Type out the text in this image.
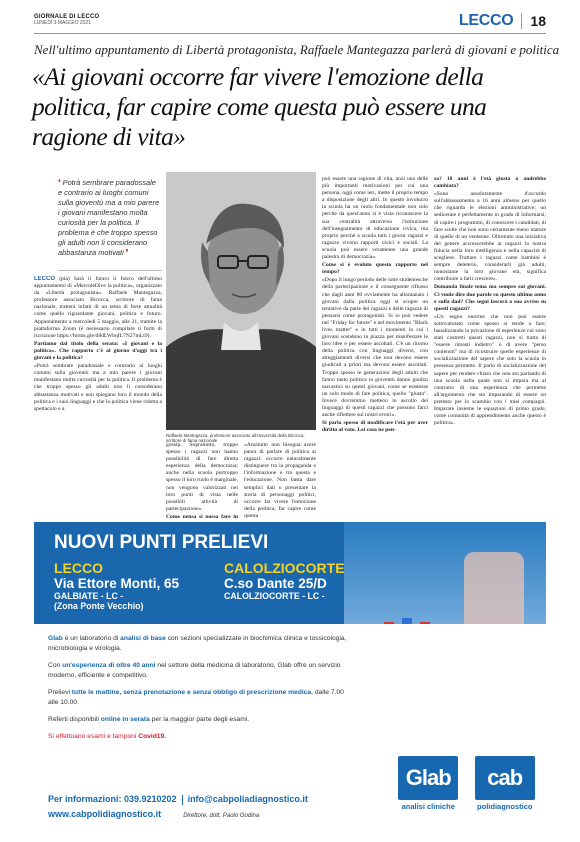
GIORNALE DI LECCO
LUNEDÌ 3 MAGGIO 2021	LECCO 18
Nell'ultimo appuntamento di Libertà protagonista, Raffaele Mantegazza parlerà di giovani e politica
«Ai giovani occorre far vivere l'emozione della politica, far capire come questa può essere una ragione di vita»
❛ Potrà sembrare paradossale e contrario ai luoghi comuni sulla gioventù ma a mio parere i giovani manifestano molta curiosità per la politica. Il problema è che troppo spesso gli adulti non li considerano abbastanza motivati ❜

LECCO (pia) Sarà il futuro il fulcro dell'ultimo appuntamento di «MercoleDive la politica», organizzato da «Libertà protagonista». Raffaele Mantegazza, professore associato Bicocca, scrittore di fama nazionale, tratterà infatti di un tema di forte attualità come quello riguardante giovani, politica e futuro. Appuntamento a mercoledì 5 maggio, alle 21, tramite la piattaforma Zoom (è necessario compilare il form di iscrizione https://forms.gle/d8dLWbqfL7N27mLt9).

Partiamo dal titolo della serata: «I giovani e la politica». Che rapporto c'è al giorno d'oggi tra i giovani e la politica?

«Potrà sembrare paradossale e contrario ai luoghi comuni sulla gioventù ma a mio parere i giovani manifestano molta curiosità per la politica. Il problema è che troppo spesso gli adulti non li considerano abbastanza motivati e non spiegano loro il mondo della politica e i suoi linguaggi e che la politica viene ridotta a spettacolo e a

Raffaele Mantegazza, professore associato all'Università della Bicocca, scrittore di fama nazionale

gossip. Soprattutto, troppo spesso i ragazzi non hanno possibilità di fare diretta esperienza della democrazia; anche nella scuola purtroppo spesso il loro ruolo è marginale, non vengono valorizzati nei loro punti di vista nelle possibili attività di partecipazione».

Come pensa si possa fare in

«Anzitutto non bisogna avere paura di parlare di politica ai ragazzi: occorre naturalmente distinguere tra la propaganda e l'informazione e tra questa e l'educazione. Non basta dare semplici dati o presentare la storia di personaggi politici, occorre far vivere l'emozione della politica, far capire come questa

può essere una ragione di vita, anzi una delle più importanti motivazioni per cui una persona, oggi come ieri, mette il proprio tempo a disposizione degli altri. In questo involucro la scuola ha un ruolo fondamentale non solo perché da quest'anno si è vista riconoscere la sua centralità attraverso l'istituzione dell'insegnamento di educazione civica, ma proprio perché a scuola tutti i giorni ragazzi e ragazze vivono rapporti civici e sociali. La scuola può essere veramente una grande palestra di democrazia».

Come si è evoluto questo rapporto nel tempo?

«Dopo il lungo periodo delle lotte studentesche della partecipazione e il conseguente riflusso che dagli anni 80 ovviamente ha allontanato i giovani dalla politica oggi si scopre un tentativo da parte dei ragazzi e delle ragazze di pensarsi come protagonisti. Si io può vedere nel "Friday for future" e nel movimento "Black lives matter" e in tutti i momenti in cui i giovani scendono in piazza per manifestare le loro idee e per essere ascoltati. C'è un ritorno della politica con linguaggi diversi, con atteggiamenti diversi che non devono essere giudicati a priori ma devono essere ascoltati. Troppo spesso le generazioni degli adulti che fanno tanto politica in gioventù danno giudizi sarcastici su questi giovani, come se esistesse un solo modo di fare politica, quello "giusto". Invece dovremmo mettersi in ascolto dei linguaggi di questi ragazzi che possono farci anche riflettere sui nostri errori».

Si parla spesso di modificare l'età per aver diritto al voto. Lei cosa ne pen-

sa? 18 anni è l'età giusta o andrebbe cambiata?

«Sono assolutamente d'accordo sull'abbassamento a 16 anni almeno per quello che riguarda le elezioni amministrative; un sedicenne è perfettamente in grado di informarsi, di capire i programmi, di conoscere i candidati, di fare scelte che non sono certamente meno mature di quelle di un ventenne. Oltretutto una iniziativa del genere accrescerebbe ai ragazzi la nostra fiducia nella loro intelligenza e nella capacità di scegliere. Trattare i ragazzi come bambini è sempre deleterio, considerarli già adulti, nonostante la loro giovane età, significa contribuire a farli crescere».

Domanda finale tema ma sempre sui giovani. Ci vuole dire due parole su questo ultimo anno e sulla dad? Che segni lascerà a suo avviso su questi ragazzi?

«Un segno enorme che non può essere sottovalutato come spesso si tende a fare, banalizzando la privazione di esperienze cui sono stati costretti questi ragazzi, non si tratta di "essere rimasti indietro" o di avere "perso contenuti" ma di ricostruire quelle esperienze di socializzazione del sapere che solo la scuola in presenza permette. Il parlo di socializzazione del sapere per rendere chiaro che non sto parlando di una scuola nella quale non si impara ma al contrario di una esperienza che permette all'argomento che sto imparando di essere un pretesto per lo scambio con i miei compagni. Imparare insieme le equazioni di primo grado, come comunità di apprendimento anche questo è politica».

NUOVI PUNTI PRELIEVI
LECCO
Via Ettore Monti, 65
GALBIATE - LC -
(Zona Ponte Vecchio)
CALOLZIOCORTE
C.so Dante 25/D
CALOLZIOCORTE - LC -

Glab è un laboratorio di analisi di base con sezioni specializzate in biochimica clinica e tossicologia, microbiologia e virologia.

Con un'esperienza di oltre 40 anni nel settore della medicina di laboratorio, Glab offre un servizio moderno, efficiente e competitivo.

Prelievi tutte le mattine, senza prenotazione e senza obbligo di prescrizione medica, dalle 7.00 alle 10.00.

Referti disponibili online in serata per la maggior parte degli esami.

Si effettuano esami e tamponi Covid19.

Per informazioni: 039.9210202 info@cabpoliadiagnostico.it
www.cabpolidiagnostico.it	Direttore, dott. Paolo Godina
Glab
analisi cliniche
cab
polidiagnostico
